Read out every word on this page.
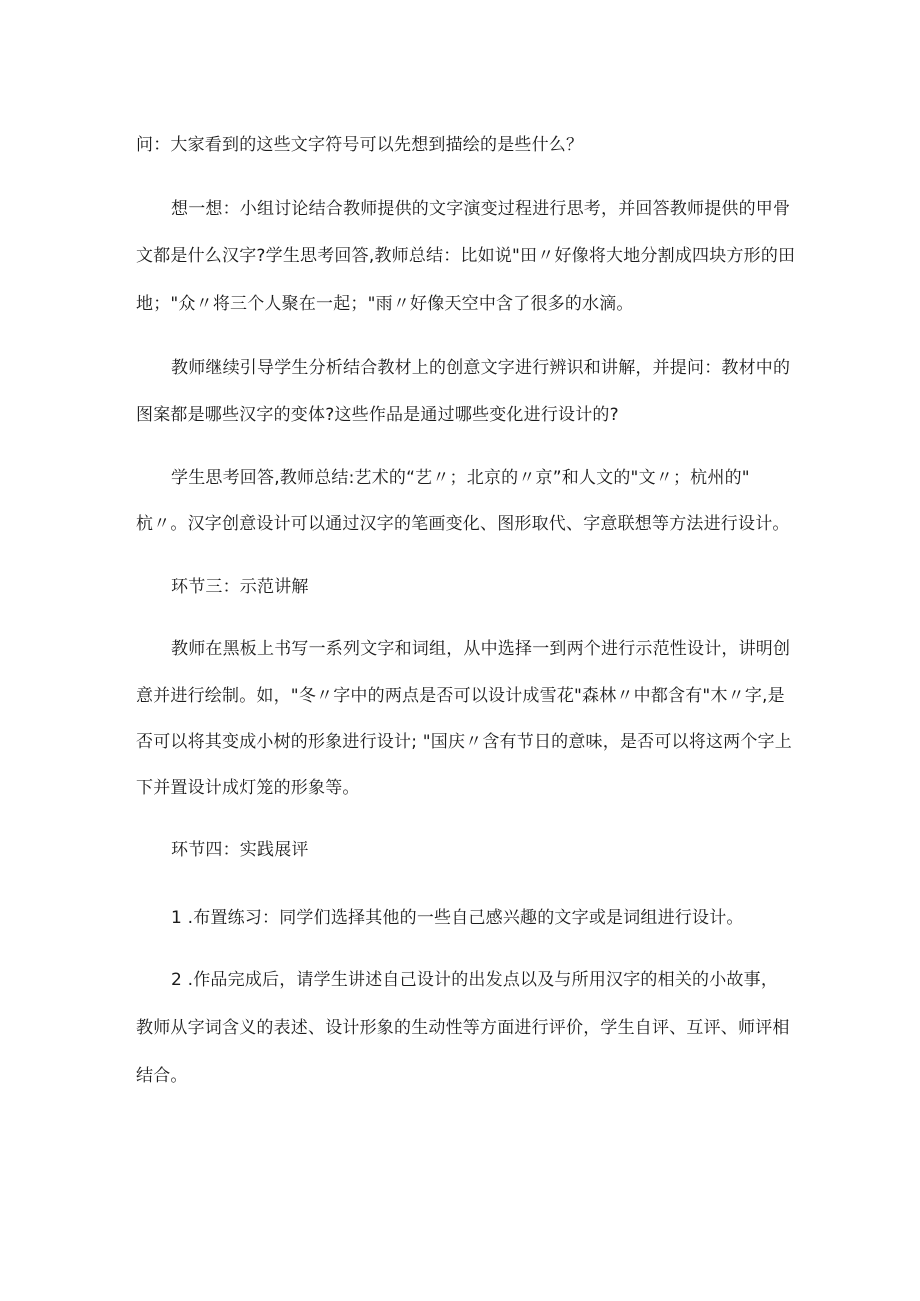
问：大家看到的这些文字符号可以先想到描绘的是些什么？
想一想：小组讨论结合教师提供的文字演变过程进行思考，并回答教师提供的甲骨
文都是什么汉字?学生思考回答,教师总结：比如说"田〃好像将大地分割成四块方形的田
地；"众〃将三个人聚在一起；"雨〃好像天空中含了很多的水滴。
教师继续引导学生分析结合教材上的创意文字进行辨识和讲解，并提问：教材中的
图案都是哪些汉字的变体?这些作品是通过哪些变化进行设计的?
学生思考回答,教师总结:艺术的“艺〃；北京的〃京”和人文的"文〃；杭州的"
杭〃。汉字创意设计可以通过汉字的笔画变化、图形取代、字意联想等方法进行设计。
环节三：示范讲解
教师在黑板上书写一系列文字和词组，从中选择一到两个进行示范性设计，讲明创
意并进行绘制。如，"冬〃字中的两点是否可以设计成雪花"森林〃中都含有"木〃字,是
否可以将其变成小树的形象进行设计; "国庆〃含有节日的意味，是否可以将这两个字上
下并置设计成灯笼的形象等。
环节四：实践展评
1 .布置练习：同学们选择其他的一些自己感兴趣的文字或是词组进行设计。
2 .作品完成后，请学生讲述自己设计的出发点以及与所用汉字的相关的小故事，
教师从字词含义的表述、设计形象的生动性等方面进行评价，学生自评、互评、师评相
结合。
